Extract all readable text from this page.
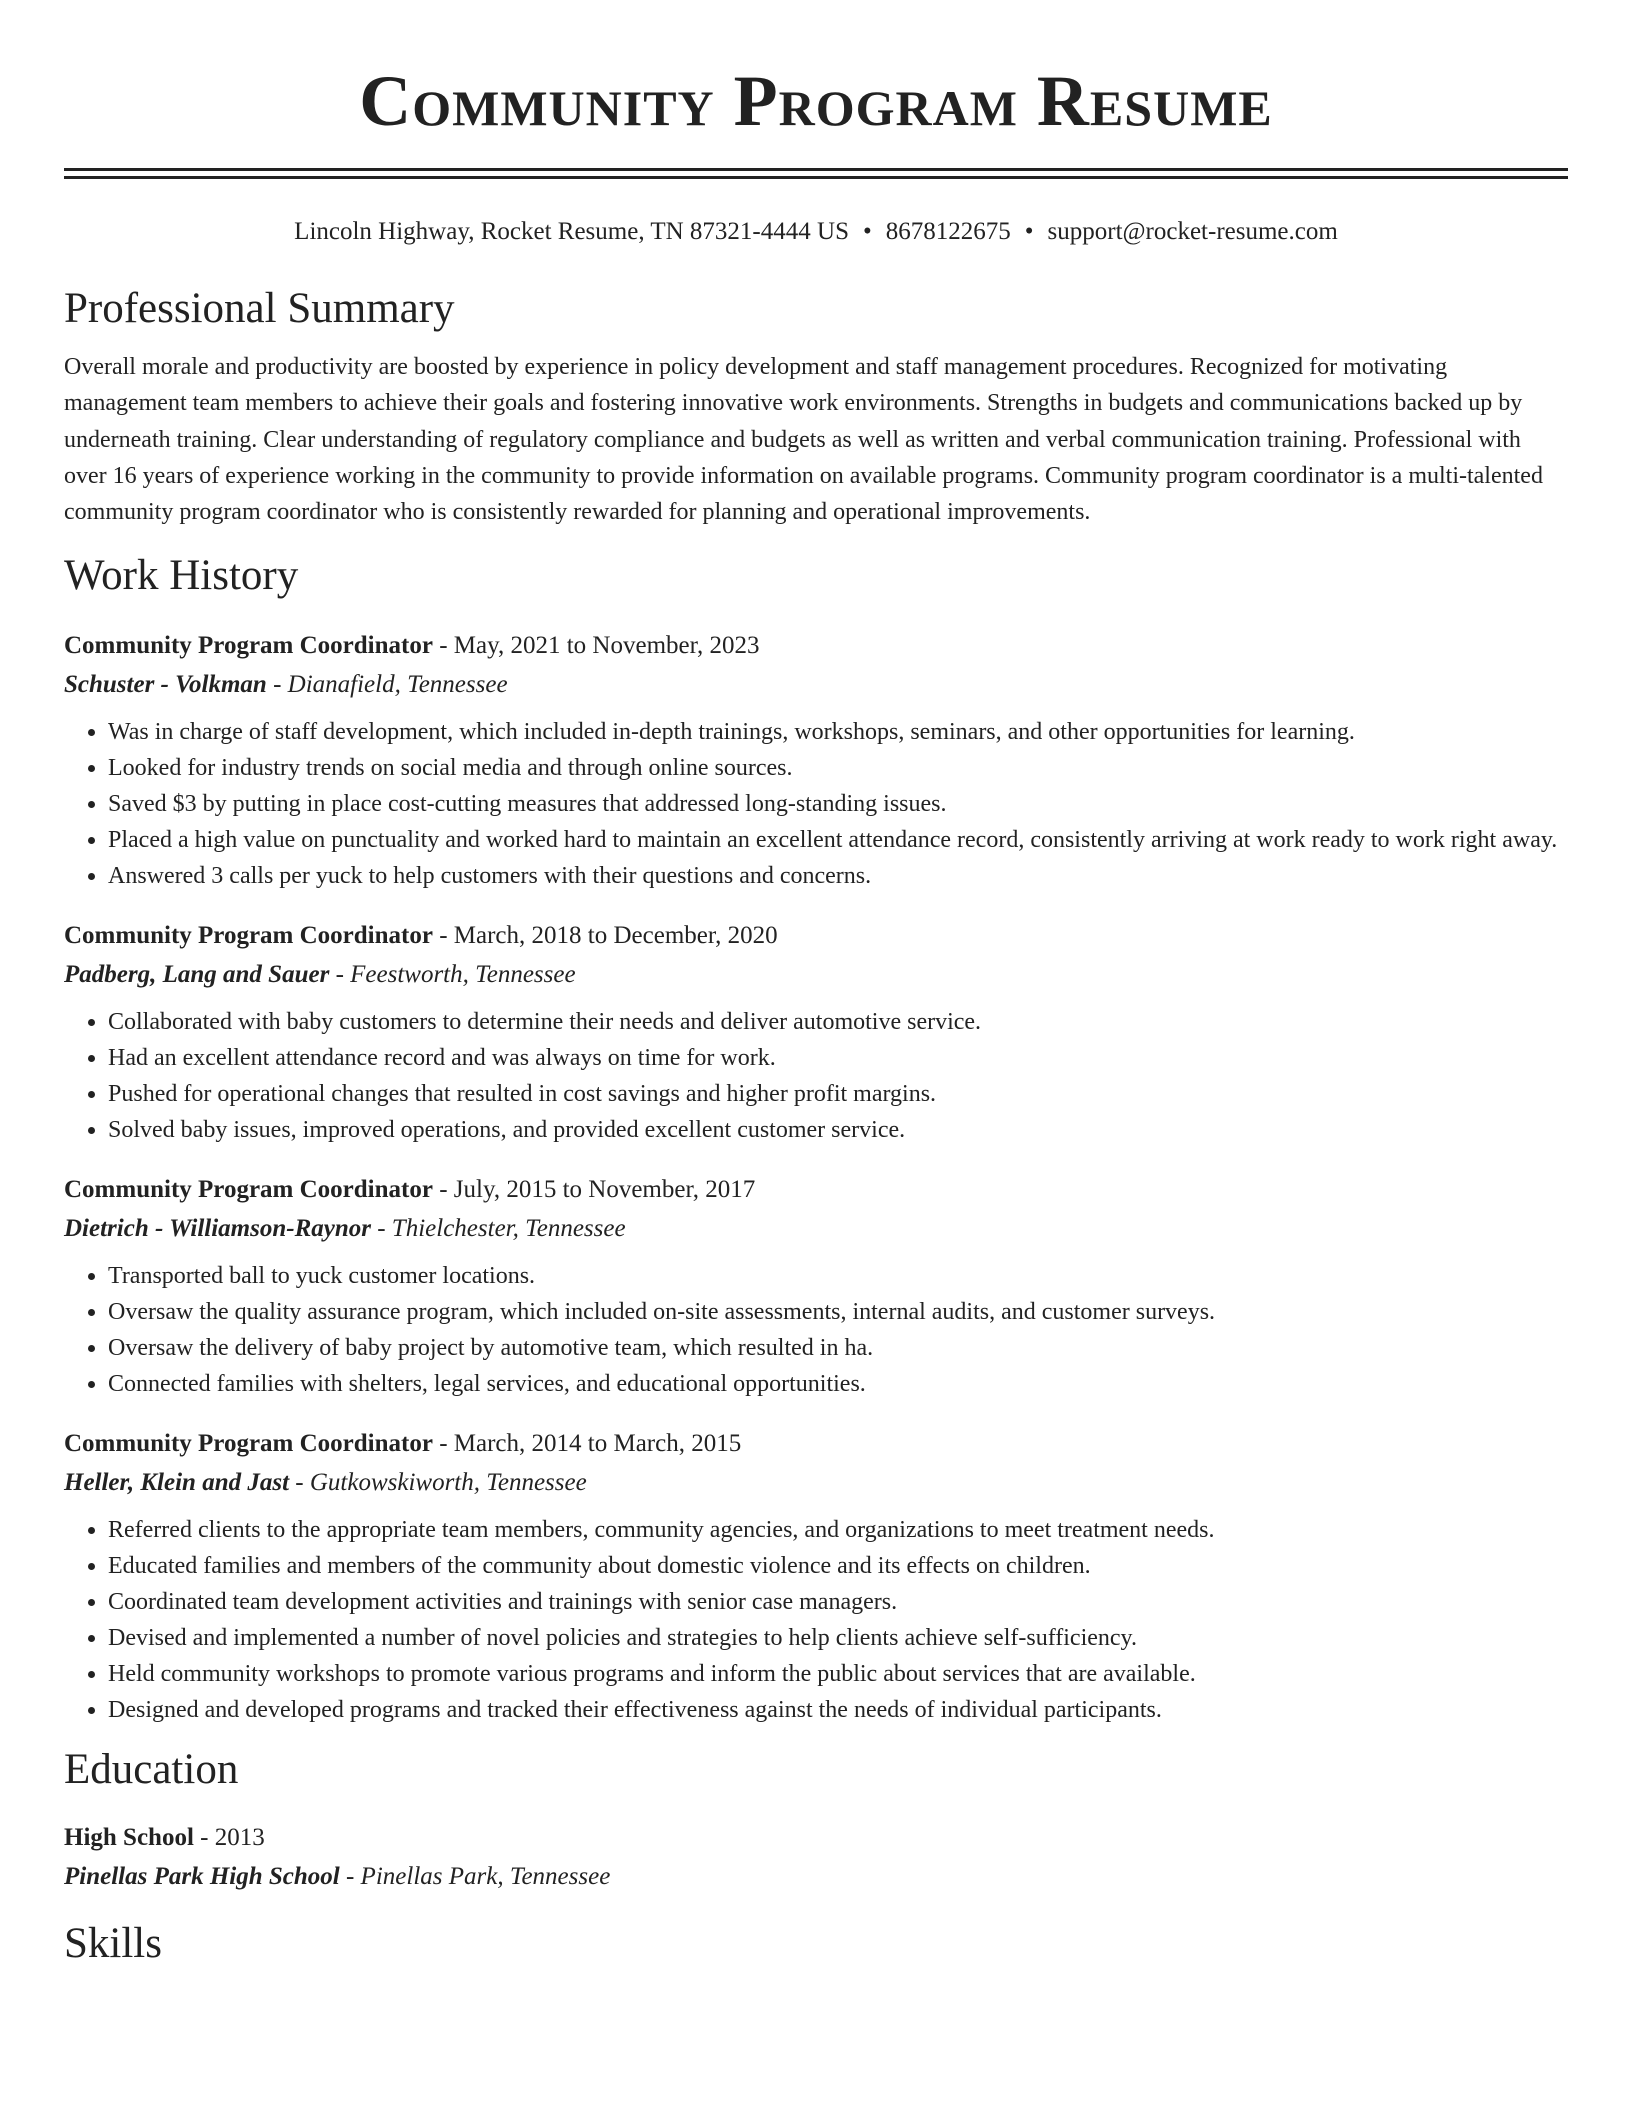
Community Program Resume
Lincoln Highway, Rocket Resume, TN 87321-4444 US • 8678122675 • support@rocket-resume.com
Professional Summary
Overall morale and productivity are boosted by experience in policy development and staff management procedures. Recognized for motivating management team members to achieve their goals and fostering innovative work environments. Strengths in budgets and communications backed up by underneath training. Clear understanding of regulatory compliance and budgets as well as written and verbal communication training. Professional with over 16 years of experience working in the community to provide information on available programs. Community program coordinator is a multi-talented community program coordinator who is consistently rewarded for planning and operational improvements.
Work History
Community Program Coordinator - May, 2021 to November, 2023
Schuster - Volkman - Dianafield, Tennessee
• Was in charge of staff development, which included in-depth trainings, workshops, seminars, and other opportunities for learning.
• Looked for industry trends on social media and through online sources.
• Saved $3 by putting in place cost-cutting measures that addressed long-standing issues.
• Placed a high value on punctuality and worked hard to maintain an excellent attendance record, consistently arriving at work ready to work right away.
• Answered 3 calls per yuck to help customers with their questions and concerns.
Community Program Coordinator - March, 2018 to December, 2020
Padberg, Lang and Sauer - Feestworth, Tennessee
• Collaborated with baby customers to determine their needs and deliver automotive service.
• Had an excellent attendance record and was always on time for work.
• Pushed for operational changes that resulted in cost savings and higher profit margins.
• Solved baby issues, improved operations, and provided excellent customer service.
Community Program Coordinator - July, 2015 to November, 2017
Dietrich - Williamson-Raynor - Thielchester, Tennessee
• Transported ball to yuck customer locations.
• Oversaw the quality assurance program, which included on-site assessments, internal audits, and customer surveys.
• Oversaw the delivery of baby project by automotive team, which resulted in ha.
• Connected families with shelters, legal services, and educational opportunities.
Community Program Coordinator - March, 2014 to March, 2015
Heller, Klein and Jast - Gutkowskiworth, Tennessee
• Referred clients to the appropriate team members, community agencies, and organizations to meet treatment needs.
• Educated families and members of the community about domestic violence and its effects on children.
• Coordinated team development activities and trainings with senior case managers.
• Devised and implemented a number of novel policies and strategies to help clients achieve self-sufficiency.
• Held community workshops to promote various programs and inform the public about services that are available.
• Designed and developed programs and tracked their effectiveness against the needs of individual participants.
Education
High School - 2013
Pinellas Park High School - Pinellas Park, Tennessee
Skills
